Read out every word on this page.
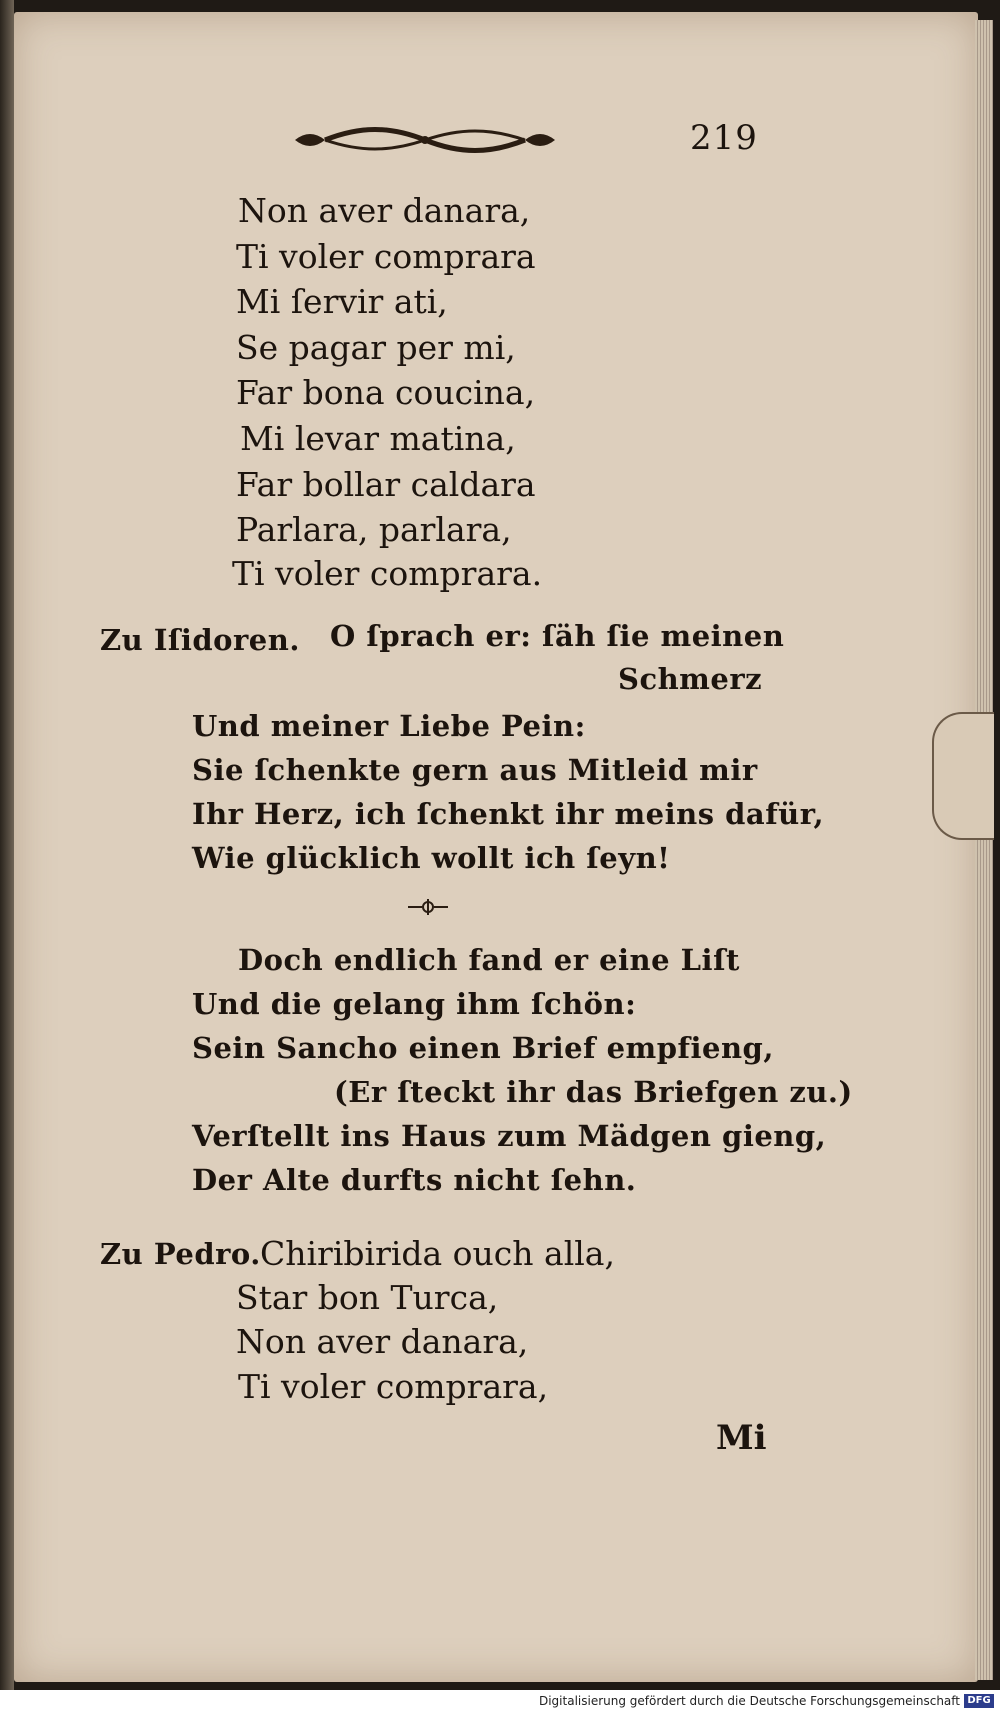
219
Non aver danara,
Ti voler comprara
Mi ſervir ati,
Se pagar per mi,
Far bona coucina,
Mi levar matina,
Far bollar caldara
Parlara, parlara,
Ti voler comprara.
Zu Iſidoren. O ſprach er: ſäh ſie meinen
Schmerz
Und meiner Liebe Pein:
Sie ſchenkte gern aus Mitleid mir
Ihr Herz, ich ſchenkt ihr meins dafür,
Wie glücklich wollt ich ſeyn!
Doch endlich fand er eine Liſt
Und die gelang ihm ſchön:
Sein Sancho einen Brief empfieng,
(Er ſteckt ihr das Briefgen zu.)
Verſtellt ins Haus zum Mädgen gieng,
Der Alte durfts nicht ſehn.
Zu Pedro. Chiribirida ouch alla,
Star bon Turca,
Non aver danara,
Ti voler comprara,
Mi
Digitalisierung gefördert durch die Deutsche Forschungsgemeinschaft DFG
